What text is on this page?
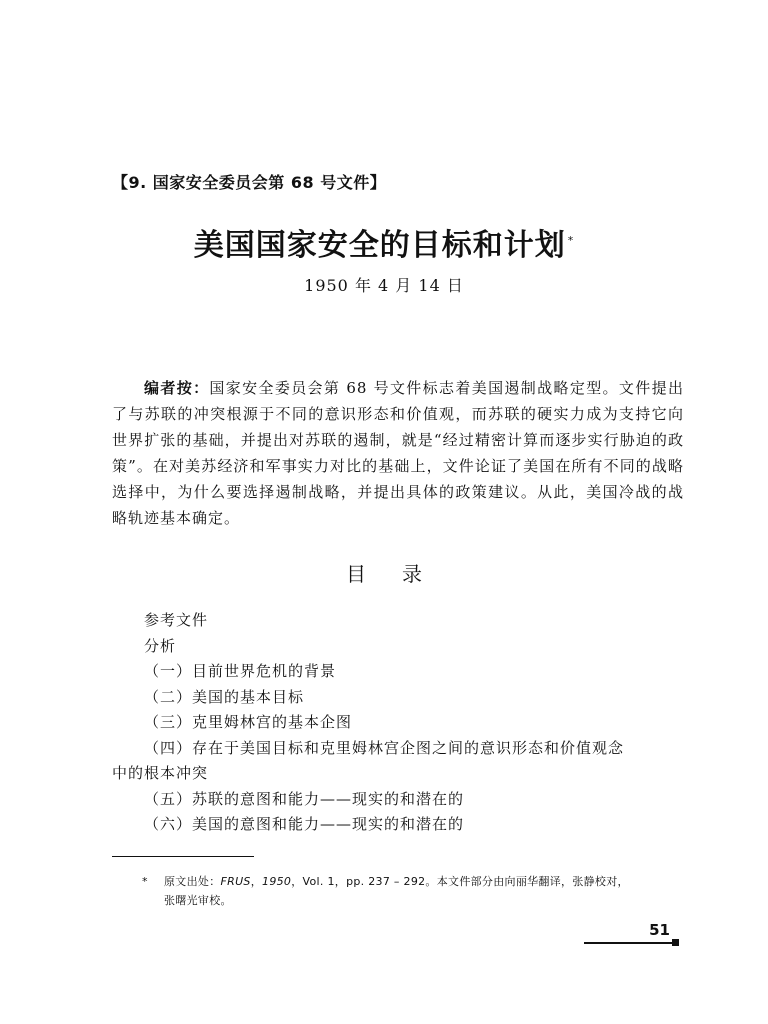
【9. 国家安全委员会第 68 号文件】
美国国家安全的目标和计划 *
1950 年 4 月 14 日
编者按：国家安全委员会第 68 号文件标志着美国遏制战略定型。文件提出了与苏联的冲突根源于不同的意识形态和价值观，而苏联的硬实力成为支持它向世界扩张的基础，并提出对苏联的遏制，就是“经过精密计算而逐步实行胁迫的政策”。在对美苏经济和军事实力对比的基础上，文件论证了美国在所有不同的战略选择中，为什么要选择遏制战略，并提出具体的政策建议。从此，美国冷战的战略轨迹基本确定。
目录
参考文件
分析
（一）目前世界危机的背景
（二）美国的基本目标
（三）克里姆林宫的基本企图
（四）存在于美国目标和克里姆林宫企图之间的意识形态和价值观念
中的根本冲突
（五）苏联的意图和能力——现实的和潜在的
（六）美国的意图和能力——现实的和潜在的
* 原文出处：FRUS，1950，Vol. 1，pp. 237 – 292。本文件部分由向丽华翻译，张静校对，
张曙光审校。
51
